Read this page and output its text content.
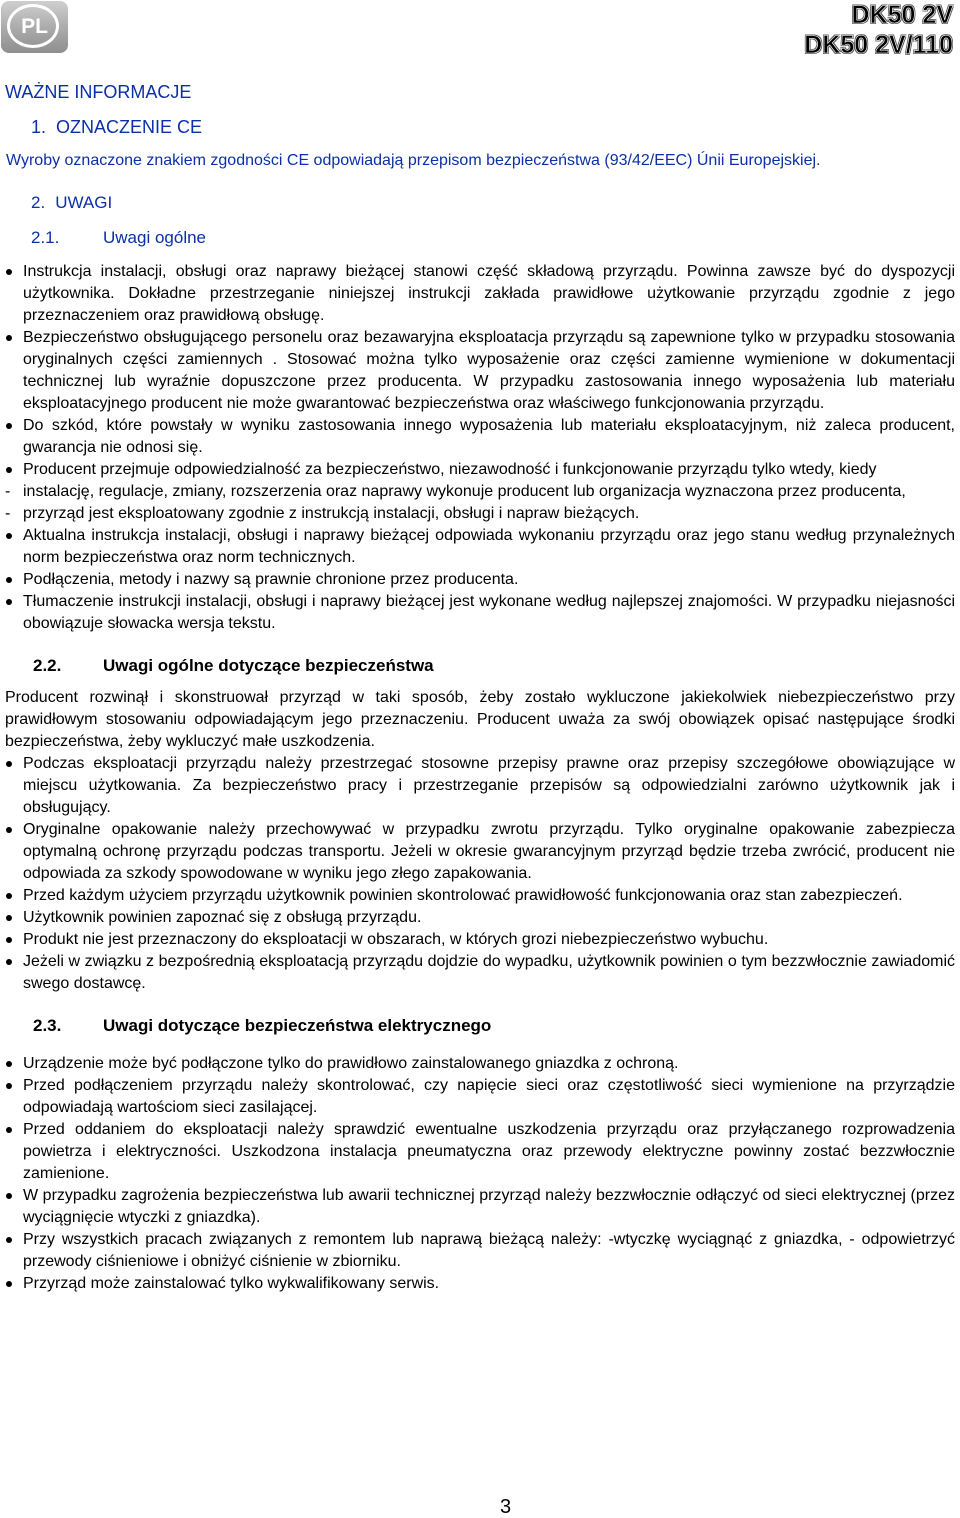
PL	DK50 2V
DK50 2V/110
WAŻNE INFORMACJE
1. OZNACZENIE CE

Wyroby oznaczone znakiem zgodności CE odpowiadają przepisom bezpieczeństwa (93/42/EEC) Únii Europejskiej.

2. UWAGI
2.1.	Uwagi ogólne
Instrukcja instalacji, obsługi oraz naprawy bieżącej stanowi część składową przyrządu. Powinna zawsze być do dyspozycji użytkownika. Dokładne przestrzeganie niniejszej instrukcji zakłada prawidłowe użytkowanie przyrządu zgodnie z jego przeznaczeniem oraz prawidłową obsługę.
Bezpieczeństwo obsługującego personelu oraz bezawaryjna eksploatacja przyrządu są zapewnione tylko w przypadku stosowania oryginalnych części zamiennych . Stosować można tylko wyposażenie oraz części zamienne wymienione w dokumentacji technicznej lub wyraźnie dopuszczone przez producenta. W przypadku zastosowania innego wyposażenia lub materiału eksploatacyjnego producent nie może gwarantować bezpieczeństwa oraz właściwego funkcjonowania przyrządu.
Do szkód, które powstały w wyniku zastosowania innego wyposażenia lub materiału eksploatacyjnym, niż zaleca producent, gwarancja nie odnosi się.
Producent przejmuje odpowiedzialność za bezpieczeństwo, niezawodność i funkcjonowanie przyrządu tylko wtedy, kiedy
- instalację, regulacje, zmiany, rozszerzenia oraz naprawy wykonuje producent lub organizacja wyznaczona przez producenta,
- przyrząd jest eksploatowany zgodnie z instrukcją instalacji, obsługi i napraw bieżących.
Aktualna instrukcja instalacji, obsługi i naprawy bieżącej odpowiada wykonaniu przyrządu oraz jego stanu według przynależnych norm bezpieczeństwa oraz norm technicznych.
Podłączenia, metody i nazwy są prawnie chronione przez producenta.
Tłumaczenie instrukcji instalacji, obsługi i naprawy bieżącej jest wykonane według najlepszej znajomości. W przypadku niejasności obowiązuje słowacka wersja tekstu.
2.2. Uwagi ogólne dotyczące bezpieczeństwa

Producent rozwinął i skonstruował przyrząd w taki sposób, żeby zostało wykluczone jakiekolwiek niebezpieczeństwo przy prawidłowym stosowaniu odpowiadającym jego przeznaczeniu. Producent uważa za swój obowiązek opisać następujące środki bezpieczeństwa, żeby wykluczyć małe uszkodzenia.

Podczas eksploatacji przyrządu należy przestrzegać stosowne przepisy prawne oraz przepisy szczegółowe obowiązujące w miejscu użytkowania. Za bezpieczeństwo pracy i przestrzeganie przepisów są odpowiedzialni zarówno użytkownik jak i obsługujący.
Oryginalne opakowanie należy przechowywać w przypadku zwrotu przyrządu. Tylko oryginalne opakowanie zabezpiecza optymalną ochronę przyrządu podczas transportu. Jeżeli w okresie gwarancyjnym przyrząd będzie trzeba zwrócić, producent nie odpowiada za szkody spowodowane w wyniku jego złego zapakowania.
Przed każdym użyciem przyrządu użytkownik powinien skontrolować prawidłowość funkcjonowania oraz stan zabezpieczeń.
Użytkownik powinien zapoznać się z obsługą przyrządu.
Produkt nie jest przeznaczony do eksploatacji w obszarach, w których grozi niebezpieczeństwo wybuchu.
Jeżeli w związku z bezpośrednią eksploatacją przyrządu dojdzie do wypadku, użytkownik powinien o tym bezzwłocznie zawiadomić swego dostawcę.
2.3. Uwagi dotyczące bezpieczeństwa elektrycznego
Urządzenie może być podłączone tylko do prawidłowo zainstalowanego gniazdka z ochroną.
Przed podłączeniem przyrządu należy skontrolować, czy napięcie sieci oraz częstotliwość sieci wymienione na przyrządzie odpowiadają wartościom sieci zasilającej.
Przed oddaniem do eksploatacji należy sprawdzić ewentualne uszkodzenia przyrządu oraz przyłączanego rozprowadzenia powietrza i elektryczności. Uszkodzona instalacja pneumatyczna oraz przewody elektryczne powinny zostać bezzwłocznie zamienione.
W przypadku zagrożenia bezpieczeństwa lub awarii technicznej przyrząd należy bezzwłocznie odłączyć od sieci elektrycznej (przez wyciągnięcie wtyczki z gniazdka).
Przy wszystkich pracach związanych z remontem lub naprawą bieżącą należy: -wtyczkę wyciągnąć z gniazdka, - odpowietrzyć przewody ciśnieniowe i obniżyć ciśnienie w zbiorniku.
Przyrząd może zainstalować tylko wykwalifikowany serwis.
3
